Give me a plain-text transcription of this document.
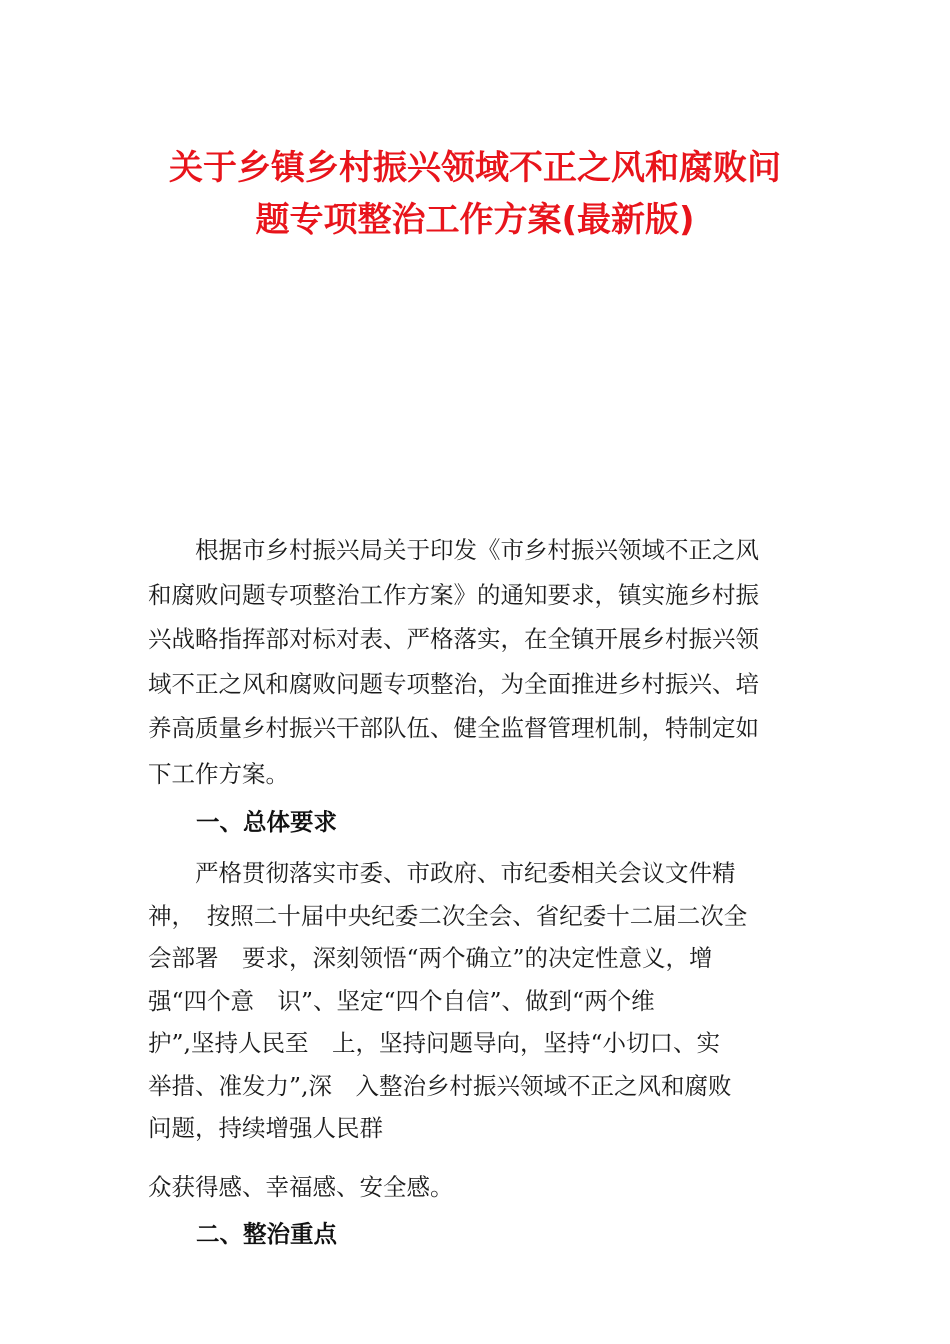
关于乡镇乡村振兴领域不正之风和腐败问
题专项整治工作方案(最新版)

　　根据市乡村振兴局关于印发《市乡村振兴领域不正之风
和腐败问题专项整治工作方案》的通知要求，镇实施乡村振
兴战略指挥部对标对表、严格落实，在全镇开展乡村振兴领
域不正之风和腐败问题专项整治，为全面推进乡村振兴、培
养高质量乡村振兴干部队伍、健全监督管理机制，特制定如

下工作方案。

一、总体要求

　　严格贯彻落实市委、市政府、市纪委相关会议文件精
神，　按照二十届中央纪委二次全会、省纪委十二届二次全
会部署　要求，深刻领悟“两个确立”的决定性意义，增
强“四个意　识”、坚定“四个自信”、做到“两个维
护”,坚持人民至　上，坚持问题导向，坚持“小切口、实
举措、准发力”,深　入整治乡村振兴领域不正之风和腐败
问题，持续增强人民群

众获得感、幸福感、安全感。

二、整治重点
